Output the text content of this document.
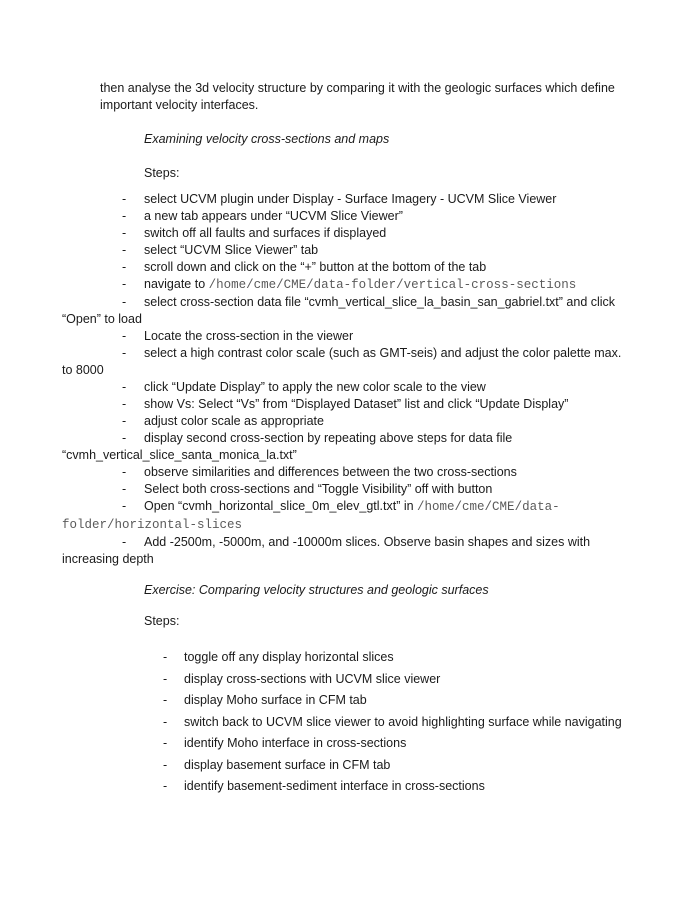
then analyse the 3d velocity structure by comparing it with the geologic surfaces which define
important velocity interfaces.

Examining velocity cross-sections and maps

Steps:

- select UCVM plugin under Display - Surface Imagery - UCVM Slice Viewer
- a new tab appears under “UCVM Slice Viewer”
- switch off all faults and surfaces if displayed
- select “UCVM Slice Viewer” tab
- scroll down and click on the “+” button at the bottom of the tab
- navigate to /home/cme/CME/data-folder/vertical-cross-sections
- select cross-section data file “cvmh_vertical_slice_la_basin_san_gabriel.txt” and click
“Open” to load
- Locate the cross-section in the viewer
- select a high contrast color scale (such as GMT-seis) and adjust the color palette max.
to 8000
- click “Update Display” to apply the new color scale to the view
- show Vs: Select “Vs” from “Displayed Dataset” list and click “Update Display”
- adjust color scale as appropriate
- display second cross-section by repeating above steps for data file
“cvmh_vertical_slice_santa_monica_la.txt”
- observe similarities and differences between the two cross-sections
- Select both cross-sections and “Toggle Visibility” off with button
- Open “cvmh_horizontal_slice_0m_elev_gtl.txt” in /home/cme/CME/data-
folder/horizontal-slices
- Add -2500m, -5000m, and -10000m slices. Observe basin shapes and sizes with
increasing depth

Exercise: Comparing velocity structures and geologic surfaces

Steps:

- toggle off any display horizontal slices
- display cross-sections with UCVM slice viewer
- display Moho surface in CFM tab
- switch back to UCVM slice viewer to avoid highlighting surface while navigating
- identify Moho interface in cross-sections
- display basement surface in CFM tab
- identify basement-sediment interface in cross-sections
